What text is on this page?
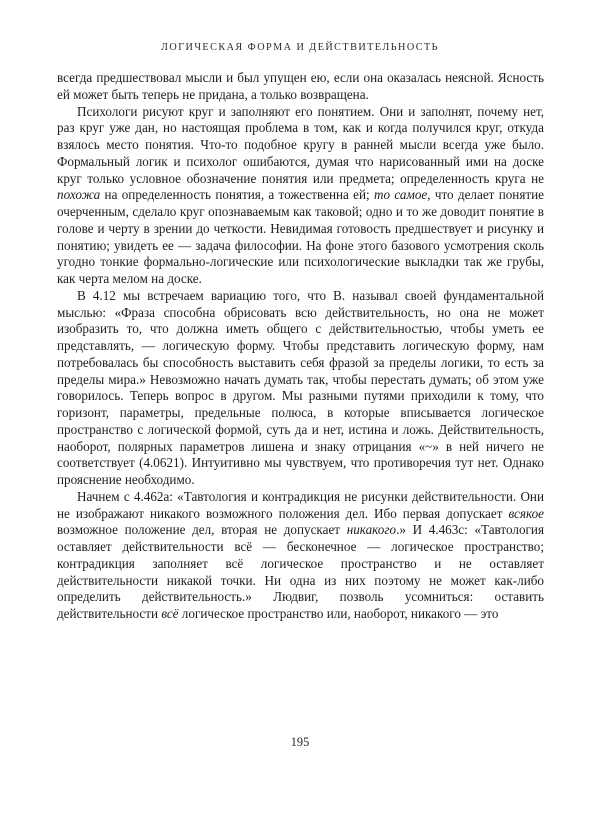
ЛОГИЧЕСКАЯ ФОРМА И ДЕЙСТВИТЕЛЬНОСТЬ

всегда предшествовал мысли и был упущен ею, если она оказалась неясной. Ясность ей может быть теперь не придана, а только возвращена.

Психологи рисуют круг и заполняют его понятием. Они и заполнят, почему нет, раз круг уже дан, но настоящая проблема в том, как и когда получился круг, откуда взялось место понятия. Что-то подобное кругу в ранней мысли всегда уже было. Формальный логик и психолог ошибаются, думая что нарисованный ими на доске круг только условное обозначение понятия или предмета; определенность круга не похожа на определенность понятия, а тожественна ей; то самое, что делает понятие очерченным, сделало круг опознаваемым как таковой; одно и то же доводит понятие в голове и черту в зрении до четкости. Невидимая готовость предшествует и рисунку и понятию; увидеть ее — задача философии. На фоне этого базового усмотрения сколь угодно тонкие формально-логические или психологические выкладки так же грубы, как черта мелом на доске.

В 4.12 мы встречаем вариацию того, что В. называл своей фундаментальной мыслью: «Фраза способна обрисовать всю действительность, но она не может изобразить то, что должна иметь общего с действительностью, чтобы уметь ее представлять, — логическую форму. Чтобы представить логическую форму, нам потребовалась бы способность выставить себя фразой за пределы логики, то есть за пределы мира.» Невозможно начать думать так, чтобы перестать думать; об этом уже говорилось. Теперь вопрос в другом. Мы разными путями приходили к тому, что горизонт, параметры, предельные полюса, в которые вписывается логическое пространство с логической формой, суть да и нет, истина и ложь. Действительность, наоборот, полярных параметров лишена и знаку отрицания «~» в ней ничего не соответствует (4.0621). Интуитивно мы чувствуем, что противоречия тут нет. Однако прояснение необходимо.

Начнем с 4.462a: «Тавтология и контрадикция не рисунки действительности. Они не изображают никакого возможного положения дел. Ибо первая допускает всякое возможное положение дел, вторая не допускает никакого.» И 4.463c: «Тавтология оставляет действительности всё — бесконечное — логическое пространство; контрадикция заполняет всё логическое пространство и не оставляет действительности никакой точки. Ни одна из них поэтому не может как-либо определить действительность.» Людвиг, позволь усомниться: оставить действительности всё логическое пространство или, наоборот, никакого — это

195
